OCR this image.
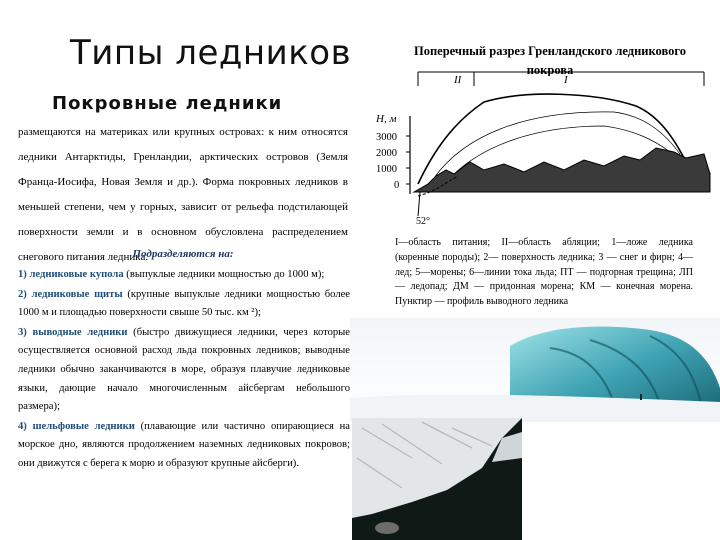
Типы ледников
Покровные ледники

размещаются на материках или крупных островах: к ним относятся ледники Антарктиды, Гренландии, арктических островов (Земля Франца-Иосифа, Новая Земля и др.). Форма покровных ледников в меньшей степени, чем у горных, зависит от рельефа подстилающей поверхности земли и в основном обусловлена распределением снегового питания ледника.

Подразделяются на:

1) ледниковые купола (выпуклые ледники мощностью до 1000 м);

2) ледниковые щиты (крупные выпуклые ледники мощностью более 1000 м и площадью поверхности свыше 50 тыс. км ²);

3) выводные ледники (быстро движущиеся ледники, через которые осуществляется основной расход льда покровных ледников; выводные ледники обычно заканчиваются в море, образуя плавучие ледниковые языки, дающие начало многочисленным айсбергам небольшого размера);

4) шельфовые ледники (плавающие или частично опирающиеся на морское дно, являются продолжением наземных ледниковых покровов; они движутся с берега к морю и образуют крупные айсберги).

Поперечный разрез Гренландского ледникового покрова
II	I
H, м
3000
2000
1000
0
52°
I—область питания; II—область абляции; 1—ложе ледника (коренные породы); 2— поверхность ледника; 3 — снег и фирн; 4— лед; 5—морены; 6—линии тока льда; ПТ — подгорная трещина; ЛП — ледопад; ДМ — придонная морена; КМ — конечная морена. Пунктир — профиль выводного ледника
